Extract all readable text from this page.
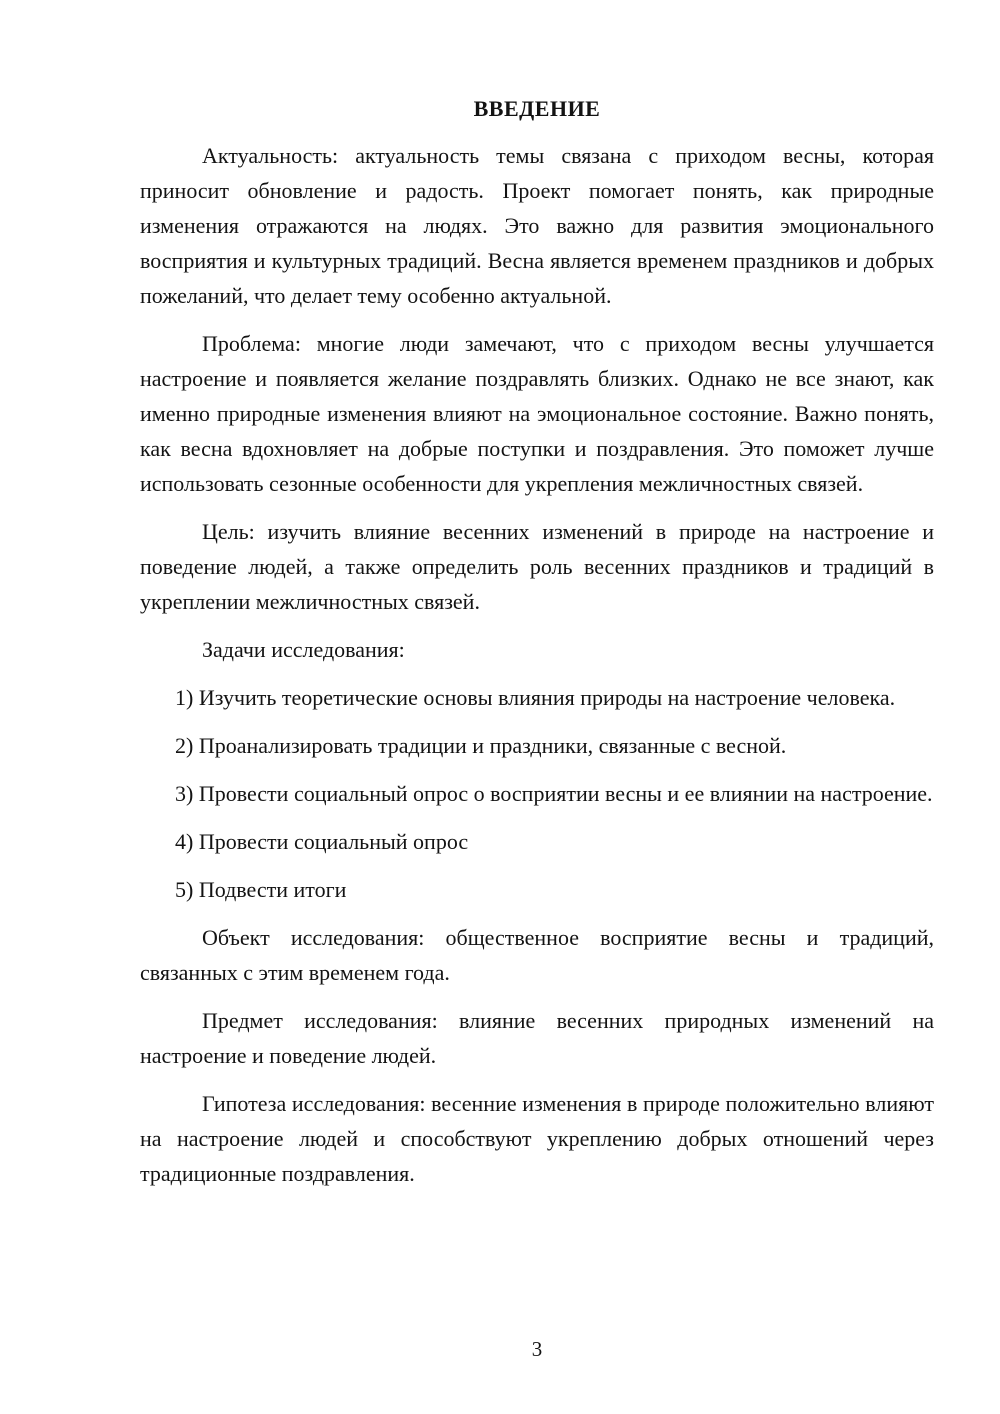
ВВЕДЕНИЕ

Актуальность: актуальность темы связана с приходом весны, которая приносит обновление и радость. Проект помогает понять, как природные изменения отражаются на людях. Это важно для развития эмоционального восприятия и культурных традиций. Весна является временем праздников и добрых пожеланий, что делает тему особенно актуальной.

Проблема: многие люди замечают, что с приходом весны улучшается настроение и появляется желание поздравлять близких. Однако не все знают, как именно природные изменения влияют на эмоциональное состояние. Важно понять, как весна вдохновляет на добрые поступки и поздравления. Это поможет лучше использовать сезонные особенности для укрепления межличностных связей.

Цель: изучить влияние весенних изменений в природе на настроение и поведение людей, а также определить роль весенних праздников и традиций в укреплении межличностных связей.

Задачи исследования:

1) Изучить теоретические основы влияния природы на настроение человека.

2) Проанализировать традиции и праздники, связанные с весной.

3) Провести социальный опрос о восприятии весны и ее влиянии на настроение.

4) Провести социальный опрос

5) Подвести итоги

Объект исследования: общественное восприятие весны и традиций, связанных с этим временем года.

Предмет исследования: влияние весенних природных изменений на настроение и поведение людей.

Гипотеза исследования: весенние изменения в природе положительно влияют на настроение людей и способствуют укреплению добрых отношений через традиционные поздравления.

3
